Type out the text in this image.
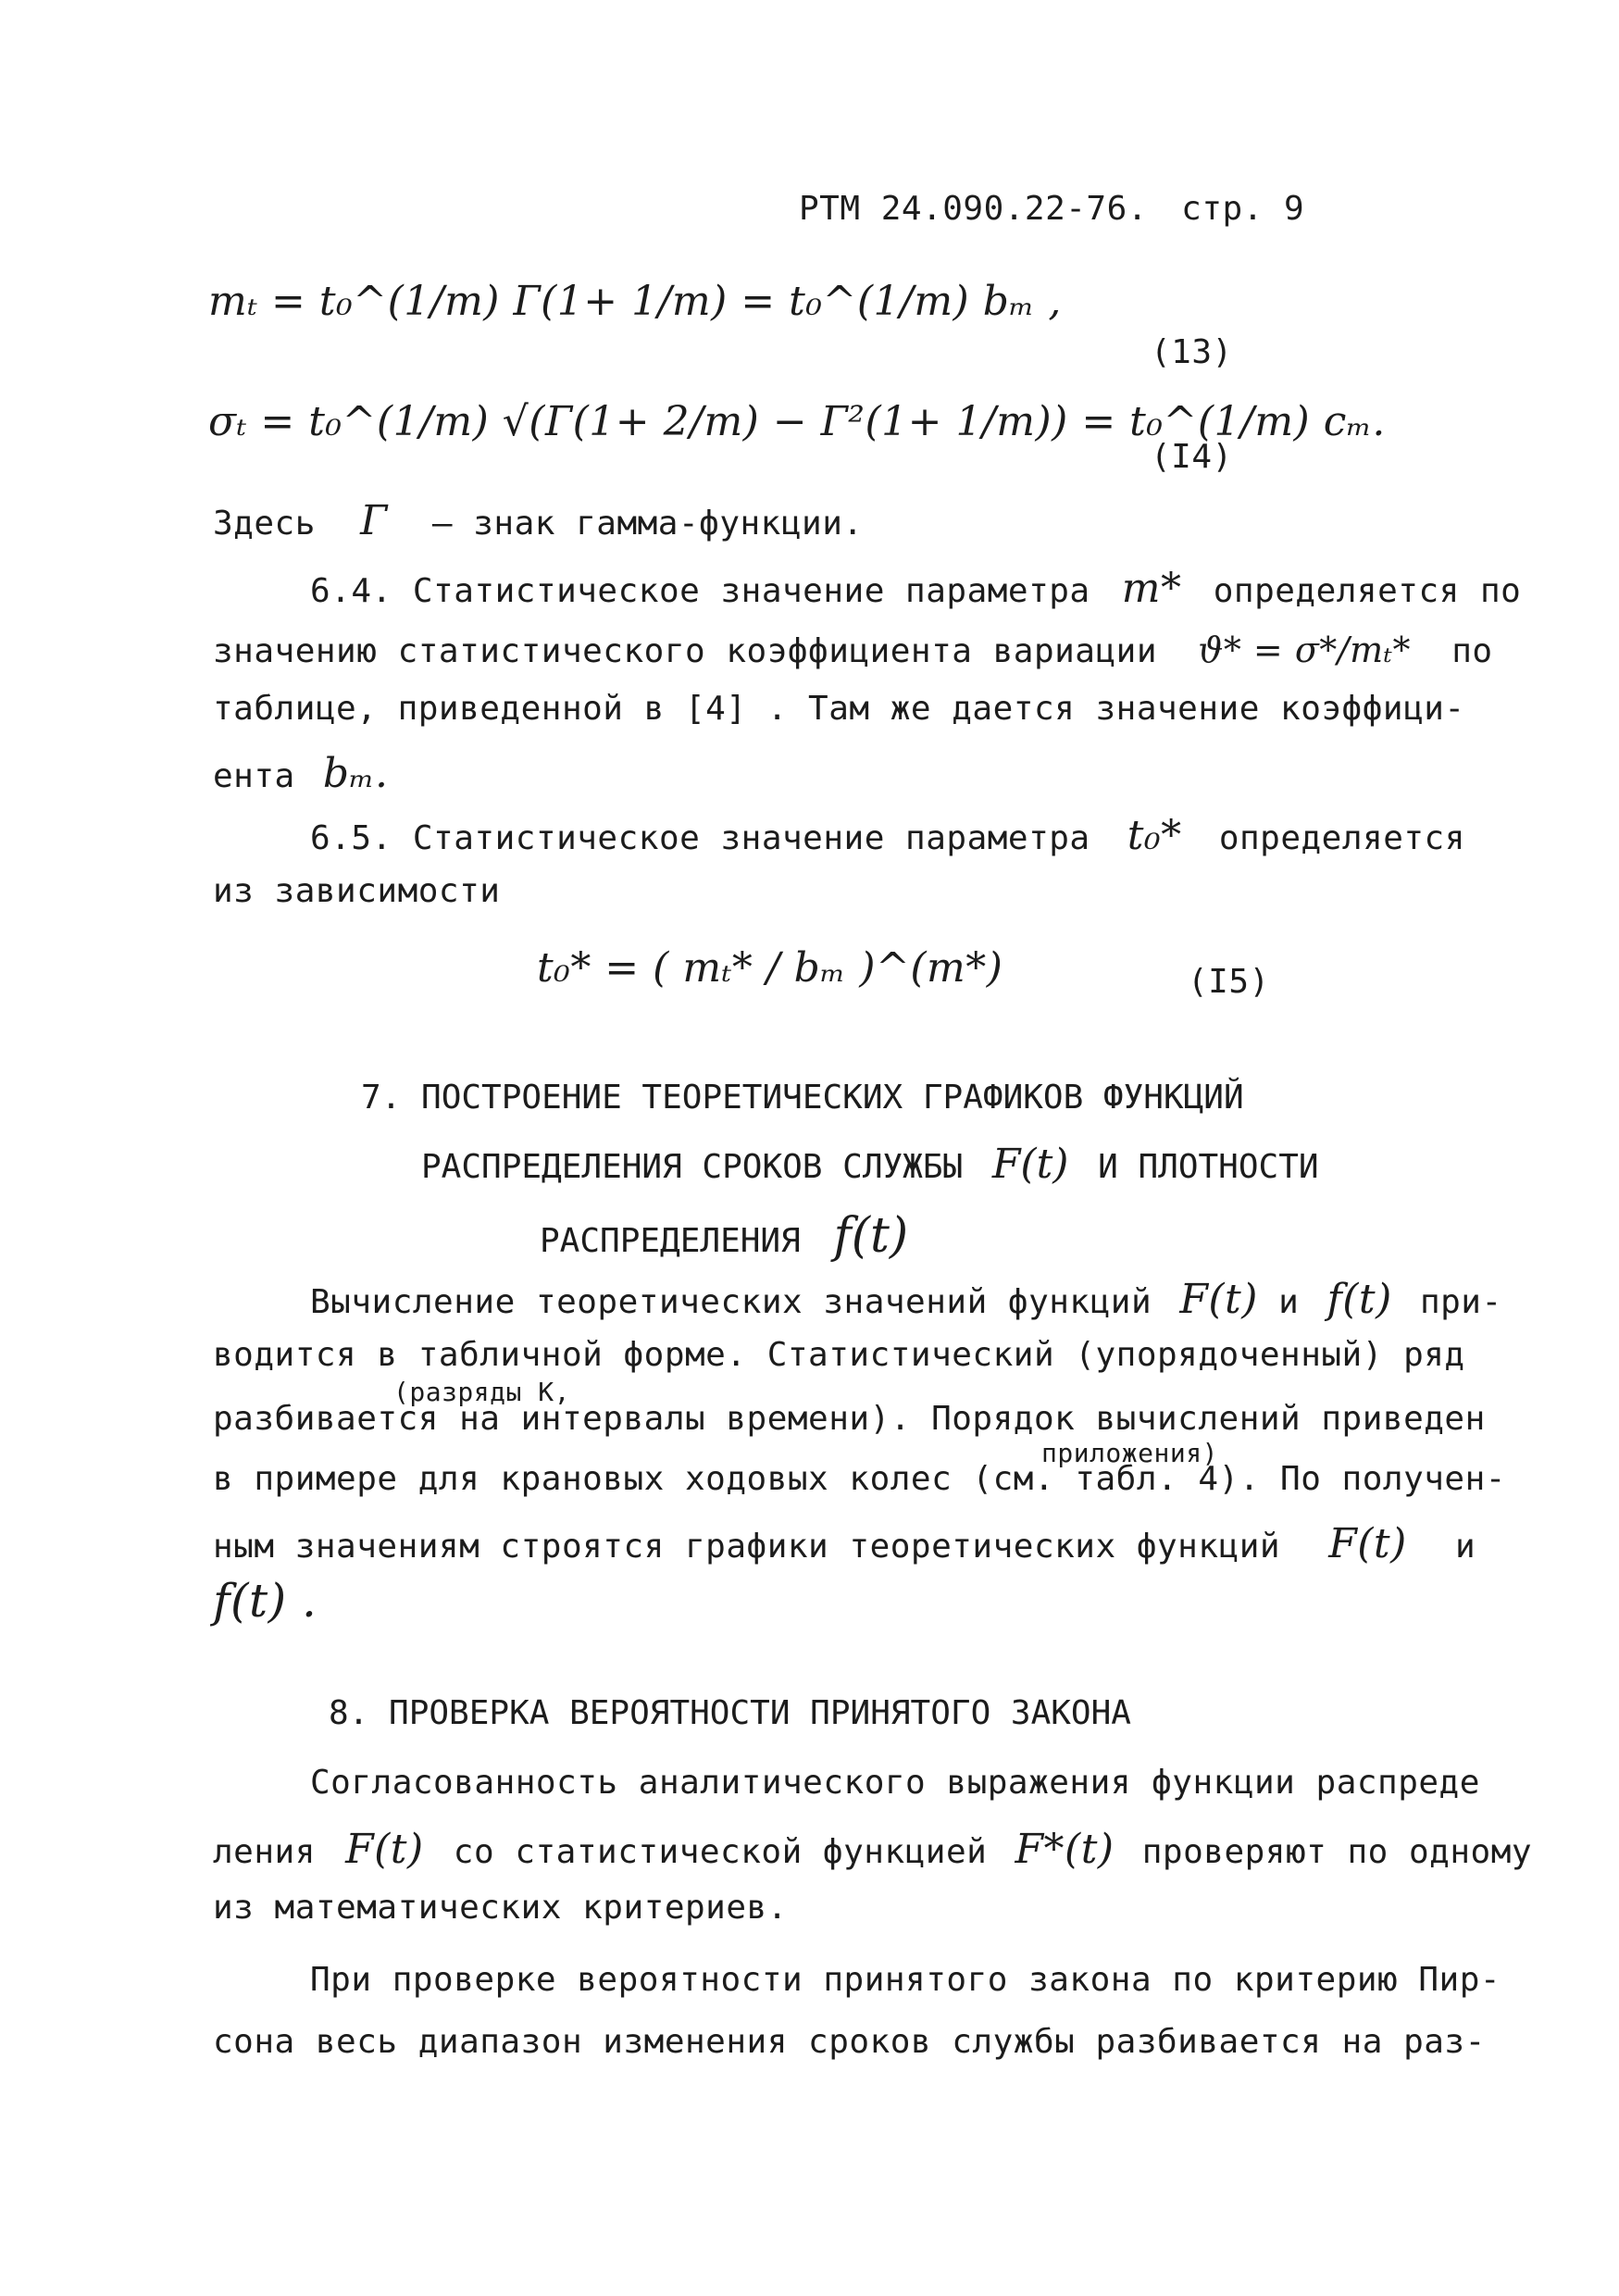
РТМ 24.090.22-76. стр. 9
mₜ = t₀^(1/m) Г(1+ 1/m) = t₀^(1/m) bₘ ,
(13)
σₜ = t₀^(1/m) √(Г(1+ 2/m) − Г²(1+ 1/m)) = t₀^(1/m) cₘ.
(I4)
Здесь Г – знак гамма-функции.
6.4. Статистическое значение параметра m* определяется по
значению статистического коэффициента вариации ϑ* = σ*/mₜ* по
таблице, приведенной в [4] . Там же дается значение коэффици-
ента bₘ.
6.5. Статистическое значение параметра t₀* определяется
из зависимости
t₀* = ( mₜ* / bₘ )^(m*)	(I5)
7. ПОСТРОЕНИЕ ТЕОРЕТИЧЕСКИХ ГРАФИКОВ ФУНКЦИЙ
РАСПРЕДЕЛЕНИЯ СРОКОВ СЛУЖБЫ F(t) И ПЛОТНОСТИ
РАСПРЕДЕЛЕНИЯ f(t)
Вычисление теоретических значений функций F(t) и f(t) при-
водится в табличной форме. Статистический (упорядоченный) ряд
(разряды K,
разбивается на интервалы времени). Порядок вычислений приведен
приложения)
в примере для крановых ходовых колес (см. табл. 4). По получен-
ным значениям строятся графики теоретических функций F(t) и
f(t) .
8. ПРОВЕРКА ВЕРОЯТНОСТИ ПРИНЯТОГО ЗАКОНА
Согласованность аналитического выражения функции распреде
ления F(t) со статистической функцией F*(t) проверяют по одному
из математических критериев.
При проверке вероятности принятого закона по критерию Пир-
сона весь диапазон изменения сроков службы разбивается на раз-
